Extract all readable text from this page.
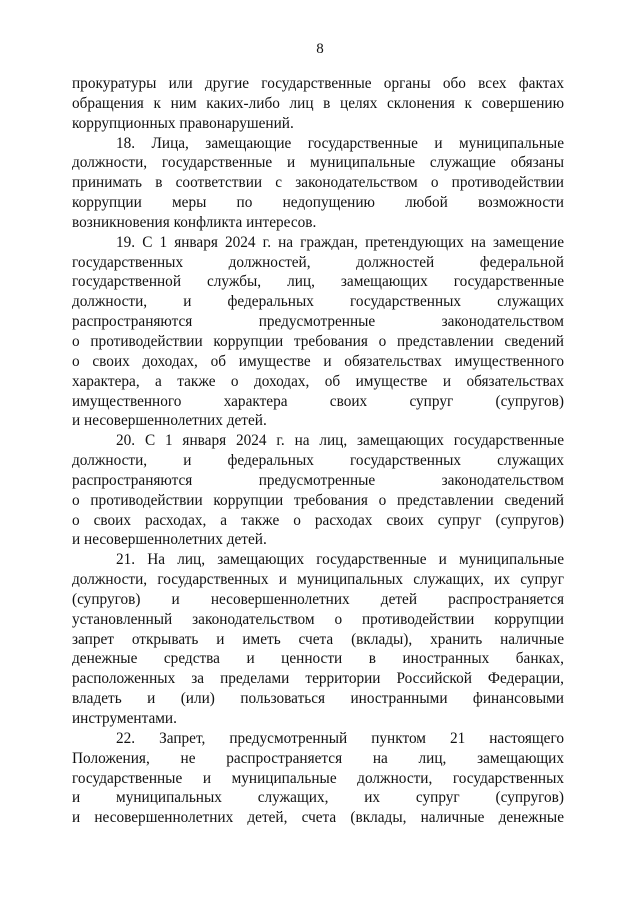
8
прокуратуры или другие государственные органы обо всех фактах
обращения к ним каких-либо лиц в целях склонения к совершению
коррупционных правонарушений.
18. Лица, замещающие государственные и муниципальные
должности, государственные и муниципальные служащие обязаны
принимать в соответствии с законодательством о противодействии
коррупции меры по недопущению любой возможности
возникновения конфликта интересов.
19. С 1 января 2024 г. на граждан, претендующих на замещение
государственных должностей, должностей федеральной
государственной службы, лиц, замещающих государственные
должности, и федеральных государственных служащих
распространяются предусмотренные законодательством
о противодействии коррупции требования о представлении сведений
о своих доходах, об имуществе и обязательствах имущественного
характера, а также о доходах, об имуществе и обязательствах
имущественного характера своих супруг (супругов)
и несовершеннолетних детей.
20. С 1 января 2024 г. на лиц, замещающих государственные
должности, и федеральных государственных служащих
распространяются предусмотренные законодательством
о противодействии коррупции требования о представлении сведений
о своих расходах, а также о расходах своих супруг (супругов)
и несовершеннолетних детей.
21. На лиц, замещающих государственные и муниципальные
должности, государственных и муниципальных служащих, их супруг
(супругов) и несовершеннолетних детей распространяется
установленный законодательством о противодействии коррупции
запрет открывать и иметь счета (вклады), хранить наличные
денежные средства и ценности в иностранных банках,
расположенных за пределами территории Российской Федерации,
владеть и (или) пользоваться иностранными финансовыми
инструментами.
22. Запрет, предусмотренный пунктом 21 настоящего
Положения, не распространяется на лиц, замещающих
государственные и муниципальные должности, государственных
и муниципальных служащих, их супруг (супругов)
и несовершеннолетних детей, счета (вклады, наличные денежные
